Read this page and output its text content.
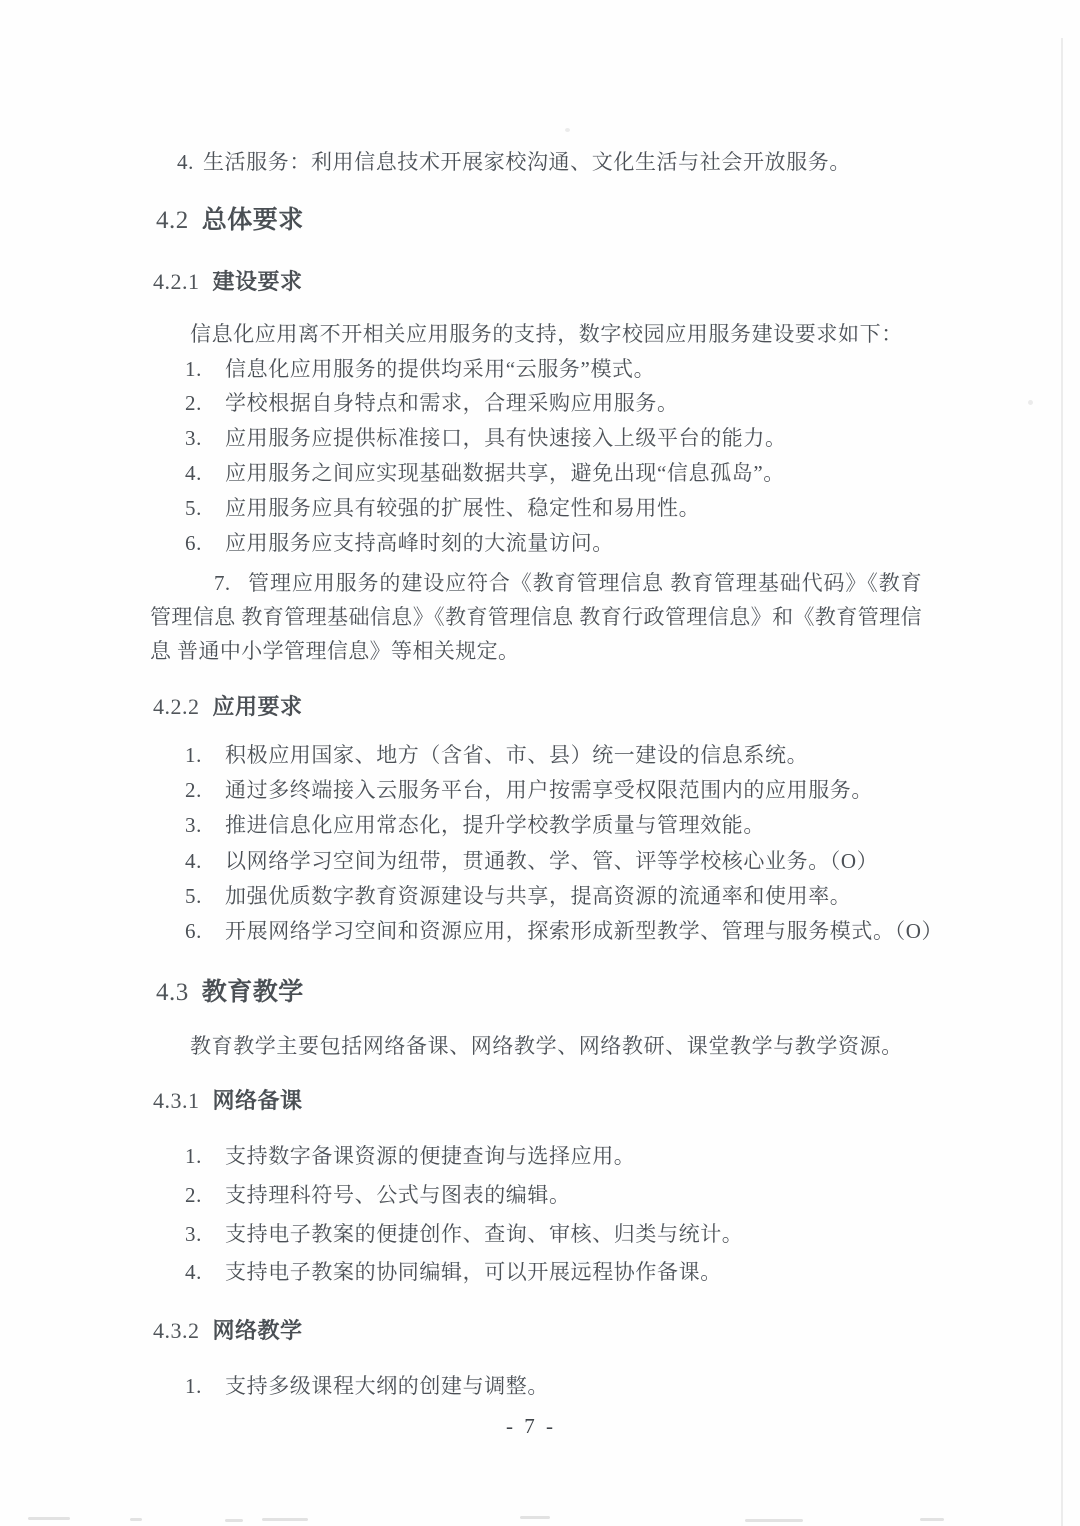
4. 生活服务：利用信息技术开展家校沟通、文化生活与社会开放服务。
4.2 总体要求
4.2.1 建设要求
信息化应用离不开相关应用服务的支持，数字校园应用服务建设要求如下：
1. 信息化应用服务的提供均采用“云服务”模式。
2. 学校根据自身特点和需求，合理采购应用服务。
3. 应用服务应提供标准接口，具有快速接入上级平台的能力。
4. 应用服务之间应实现基础数据共享，避免出现“信息孤岛”。
5. 应用服务应具有较强的扩展性、稳定性和易用性。
6. 应用服务应支持高峰时刻的大流量访问。
7. 管理应用服务的建设应符合《教育管理信息 教育管理基础代码》《教育管理信息 教育管理基础信息》《教育管理信息 教育行政管理信息》和《教育管理信息 普通中小学管理信息》等相关规定。
4.2.2 应用要求
1. 积极应用国家、地方（含省、市、县）统一建设的信息系统。
2. 通过多终端接入云服务平台，用户按需享受权限范围内的应用服务。
3. 推进信息化应用常态化，提升学校教学质量与管理效能。
4. 以网络学习空间为纽带，贯通教、学、管、评等学校核心业务。（O）
5. 加强优质数字教育资源建设与共享，提高资源的流通率和使用率。
6. 开展网络学习空间和资源应用，探索形成新型教学、管理与服务模式。（O）
4.3 教育教学
教育教学主要包括网络备课、网络教学、网络教研、课堂教学与教学资源。
4.3.1 网络备课
1. 支持数字备课资源的便捷查询与选择应用。
2. 支持理科符号、公式与图表的编辑。
3. 支持电子教案的便捷创作、查询、审核、归类与统计。
4. 支持电子教案的协同编辑，可以开展远程协作备课。
4.3.2 网络教学
1. 支持多级课程大纲的创建与调整。
- 7 -
